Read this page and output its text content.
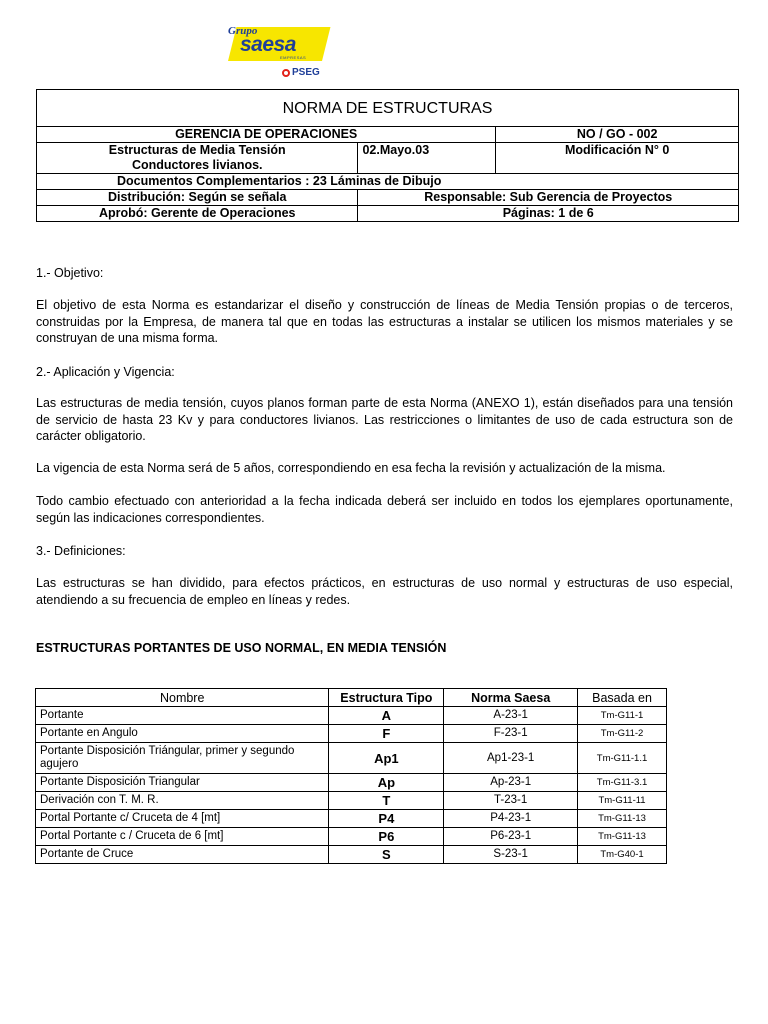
Grupo
saesa
EMPRESAS
PSEG
NORMA DE ESTRUCTURAS		
GERENCIA DE OPERACIONES		NO / GO - 002

Estructuras de Media Tensión
Conductores livianos.	02.Mayo.03	Modificación N° 0
Documentos Complementarios : 23 Láminas de Dibujo		
Distribución: Según se señala	Responsable: Sub Gerencia de Proyectos	
Aprobó: Gerente de Operaciones	Páginas: 1 de 6	
1.- Objetivo:
El objetivo de esta Norma es estandarizar el diseño y construcción de líneas de Media Tensión propias o de terceros, construidas por la Empresa, de manera tal que en todas las estructuras a instalar se utilicen los mismos materiales y se construyan de una misma forma.
2.- Aplicación y Vigencia:
Las estructuras de media tensión, cuyos planos forman parte de esta Norma (ANEXO 1), están diseñados para una tensión de servicio de hasta 23 Kv y para conductores livianos. Las restricciones o limitantes de uso de cada estructura son de carácter obligatorio.
La vigencia de esta Norma será de 5 años, correspondiendo en esa fecha la revisión y actualización de la misma.
Todo cambio efectuado con anterioridad a la fecha indicada deberá ser incluido en todos los ejemplares oportunamente, según las indicaciones correspondientes.
3.- Definiciones:
Las estructuras se han dividido, para efectos prácticos, en estructuras de uso normal y estructuras de uso especial, atendiendo a su frecuencia de empleo en líneas y redes.
ESTRUCTURAS PORTANTES DE USO NORMAL, EN MEDIA TENSIÓN
Nombre	Estructura Tipo	Norma Saesa	Basada en
Portante	A	A-23-1	Tm-G11-1
Portante en Angulo	F	F-23-1	Tm-G11-2
Portante Disposición Triángular, primer y segundo agujero	Ap1	Ap1-23-1	Tm-G11-1.1
Portante Disposición Triangular	Ap	Ap-23-1	Tm-G11-3.1
Derivación con T. M. R.	T	T-23-1	Tm-G11-11
Portal Portante c/ Cruceta de 4 [mt]	P4	P4-23-1	Tm-G11-13
Portal Portante c / Cruceta de 6 [mt]	P6	P6-23-1	Tm-G11-13
Portante de Cruce	S	S-23-1	Tm-G40-1
